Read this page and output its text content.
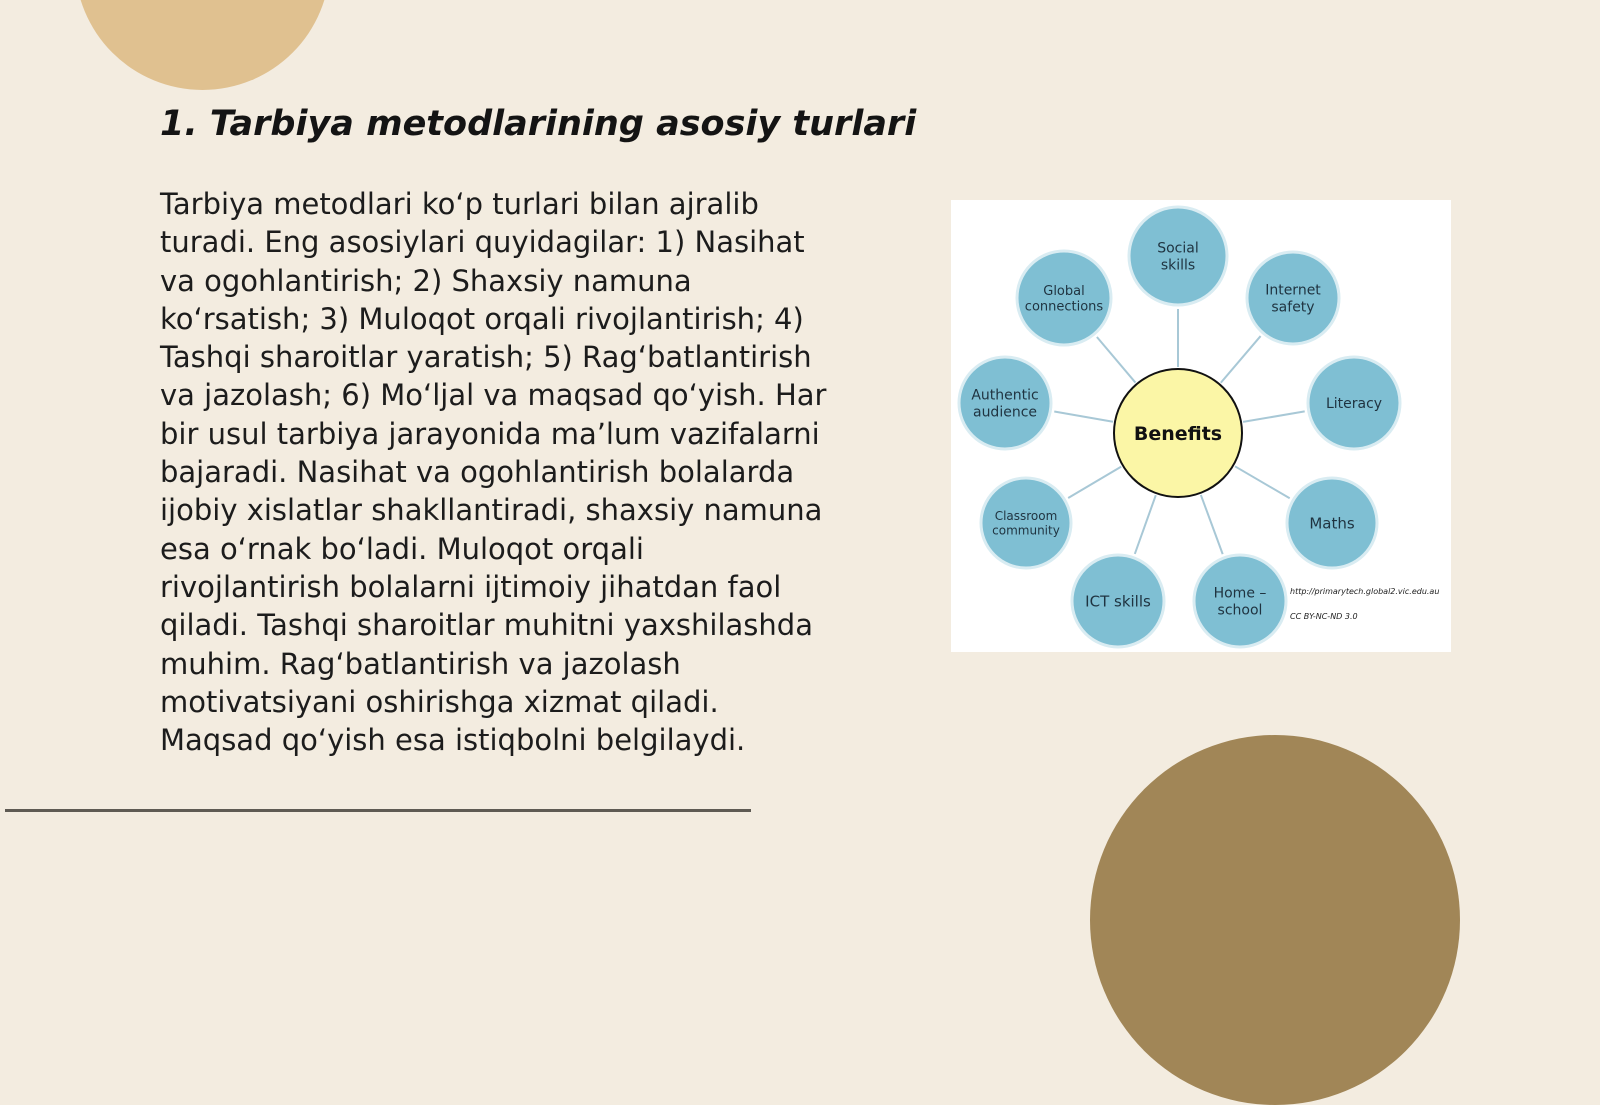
1. Tarbiya metodlarining asosiy turlari
Tarbiya metodlari koʻp turlari bilan ajralib
turadi. Eng asosiylari quyidagilar: 1) Nasihat
va ogohlantirish; 2) Shaxsiy namuna
koʻrsatish; 3) Muloqot orqali rivojlantirish; 4)
Tashqi sharoitlar yaratish; 5) Ragʻbatlantirish
va jazolash; 6) Moʻljal va maqsad qoʻyish. Har
bir usul tarbiya jarayonida maʼlum vazifalarni
bajaradi. Nasihat va ogohlantirish bolalarda
ijobiy xislatlar shakllantiradi, shaxsiy namuna
esa oʻrnak boʻladi. Muloqot orqali
rivojlantirish bolalarni ijtimoiy jihatdan faol
qiladi. Tashqi sharoitlar muhitni yaxshilashda
muhim. Ragʻbatlantirish va jazolash
motivatsiyani oshirishga xizmat qiladi.
Maqsad qoʻyish esa istiqbolni belgilaydi.
Social
skills
Internet
safety
Literacy
Maths
Home –
school
ICT skills
Classroom
community
Authentic
audience
Global
connections
Benefits
http://primarytech.global2.vic.edu.au
CC BY-NC-ND 3.0
